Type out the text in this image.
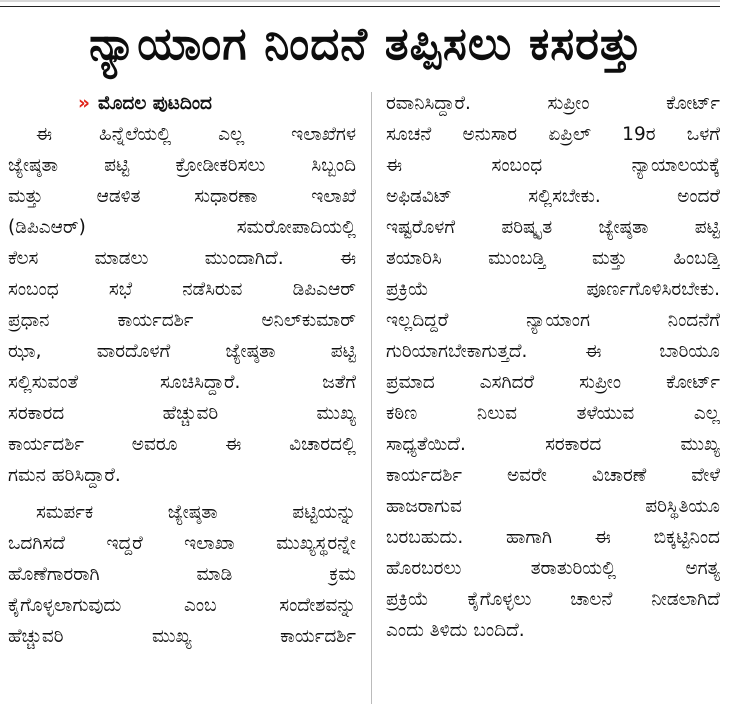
ನ್ಯಾಯಾಂಗ ನಿಂದನೆ ತಪ್ಪಿಸಲು ಕಸರತ್ತು
» ಮೊದಲ ಪುಟದಿಂದ
ಈ ಹಿನ್ನೆಲೆಯಲ್ಲಿ ಎಲ್ಲ ಇಲಾಖೆಗಳ
ಜ್ಯೇಷ್ಠತಾ ಪಟ್ಟಿ ಕ್ರೋಡೀಕರಿಸಲು ಸಿಬ್ಬಂದಿ
ಮತ್ತು ಆಡಳಿತ ಸುಧಾರಣಾ ಇಲಾಖೆ
(ಡಿಪಿಎಆರ್) ಸಮರೋಪಾದಿಯಲ್ಲಿ
ಕೆಲಸ ಮಾಡಲು ಮುಂದಾಗಿದೆ. ಈ
ಸಂಬಂಧ ಸಭೆ ನಡೆಸಿರುವ ಡಿಪಿಎಆರ್
ಪ್ರಧಾನ ಕಾರ್ಯದರ್ಶಿ ಅನಿಲ್‌ಕುಮಾರ್
ಝಾ, ವಾರದೊಳಗೆ ಜ್ಯೇಷ್ಠತಾ ಪಟ್ಟಿ
ಸಲ್ಲಿಸುವಂತೆ ಸೂಚಿಸಿದ್ದಾರೆ. ಜತೆಗೆ
ಸರಕಾರದ ಹೆಚ್ಚುವರಿ ಮುಖ್ಯ
ಕಾರ್ಯದರ್ಶಿ ಅವರೂ ಈ ವಿಚಾರದಲ್ಲಿ
ಗಮನ ಹರಿಸಿದ್ದಾರೆ.
ಸಮರ್ಪಕ ಜ್ಯೇಷ್ಠತಾ ಪಟ್ಟಿಯನ್ನು
ಒದಗಿಸದೆ ಇದ್ದರೆ ಇಲಾಖಾ ಮುಖ್ಯಸ್ಥರನ್ನೇ
ಹೊಣೆಗಾರರಾಗಿ ಮಾಡಿ ಕ್ರಮ
ಕೈಗೊಳ್ಳಲಾಗುವುದು ಎಂಬ ಸಂದೇಶವನ್ನು
ಹೆಚ್ಚುವರಿ ಮುಖ್ಯ ಕಾರ್ಯದರ್ಶಿ
ರವಾನಿಸಿದ್ದಾರೆ. ಸುಪ್ರೀಂ ಕೋರ್ಟ್
ಸೂಚನೆ ಅನುಸಾರ ಏಪ್ರಿಲ್ 19ರ ಒಳಗೆ
ಈ ಸಂಬಂಧ ನ್ಯಾಯಾಲಯಕ್ಕೆ
ಅಫಿಡವಿಟ್ ಸಲ್ಲಿಸಬೇಕು. ಅಂದರೆ
ಇಷ್ಟರೊಳಗೆ ಪರಿಷ್ಕೃತ ಜ್ಯೇಷ್ಠತಾ ಪಟ್ಟಿ
ತಯಾರಿಸಿ ಮುಂಬಡ್ತಿ ಮತ್ತು ಹಿಂಬಡ್ತಿ
ಪ್ರಕ್ರಿಯೆ ಪೂರ್ಣಗೊಳಿಸಿರಬೇಕು.
ಇಲ್ಲದಿದ್ದರೆ ನ್ಯಾಯಾಂಗ ನಿಂದನೆಗೆ
ಗುರಿಯಾಗಬೇಕಾಗುತ್ತದೆ. ಈ ಬಾರಿಯೂ
ಪ್ರಮಾದ ಎಸಗಿದರೆ ಸುಪ್ರೀಂ ಕೋರ್ಟ್
ಕಠಿಣ ನಿಲುವ ತಳೆಯುವ ಎಲ್ಲ
ಸಾಧ್ಯತೆಯಿದೆ. ಸರಕಾರದ ಮುಖ್ಯ
ಕಾರ್ಯದರ್ಶಿ ಅವರೇ ವಿಚಾರಣೆ ವೇಳೆ
ಹಾಜರಾಗುವ ಪರಿಸ್ಥಿತಿಯೂ
ಬರಬಹುದು. ಹಾಗಾಗಿ ಈ ಬಿಕ್ಕಟ್ಟಿನಿಂದ
ಹೊರಬರಲು ತರಾತುರಿಯಲ್ಲಿ ಅಗತ್ಯ
ಪ್ರಕ್ರಿಯೆ ಕೈಗೊಳ್ಳಲು ಚಾಲನೆ ನೀಡಲಾಗಿದೆ
ಎಂದು ತಿಳಿದು ಬಂದಿದೆ.
